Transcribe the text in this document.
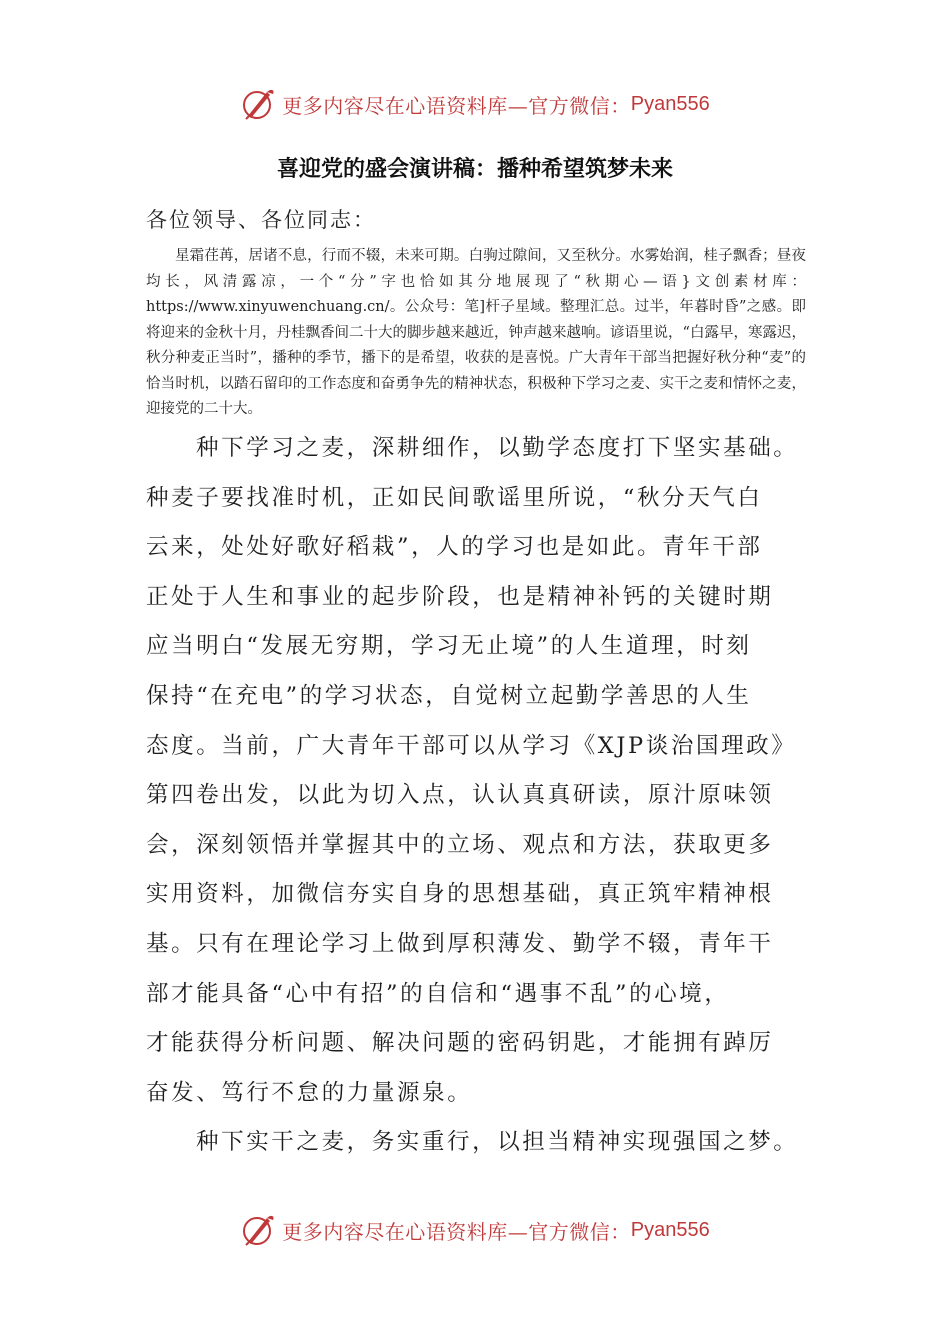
更多内容尽在心语资料库—官方微信： Pyan556
喜迎党的盛会演讲稿：播种希望筑梦未来
各位领导、各位同志：

星霜荏苒，居诸不息，行而不辍，未来可期。白驹过隙间，又至秋分。水雾始润，桂子飘香；昼夜均长，风清露凉，一个“分”字也恰如其分地展现了“秋期心—语}文创素材库：https://www.xinyuwenchuang.cn/。公众号：笔]杆子星域。整理汇总。过半，年暮时昏”之感。即将迎来的金秋十月，丹桂飘香间二十大的脚步越来越近，钟声越来越响。谚语里说，“白露早，寒露迟，秋分种麦正当时”，播种的季节，播下的是希望，收获的是喜悦。广大青年干部当把握好秋分种“麦”的恰当时机，以踏石留印的工作态度和奋勇争先的精神状态，积极种下学习之麦、实干之麦和情怀之麦，迎接党的二十大。

种下学习之麦，深耕细作，以勤学态度打下坚实基础。
种麦子要找准时机，正如民间歌谣里所说，“秋分天气白
云来，处处好歌好稻栽”，人的学习也是如此。青年干部
正处于人生和事业的起步阶段，也是精神补钙的关键时期
应当明白“发展无穷期，学习无止境”的人生道理，时刻
保持“在充电”的学习状态，自觉树立起勤学善思的人生
态度。当前，广大青年干部可以从学习《XJP谈治国理政》
第四卷出发，以此为切入点，认认真真研读，原汁原味领
会，深刻领悟并掌握其中的立场、观点和方法，获取更多
实用资料，加微信夯实自身的思想基础，真正筑牢精神根
基。只有在理论学习上做到厚积薄发、勤学不辍，青年干
部才能具备“心中有招”的自信和“遇事不乱”的心境，
才能获得分析问题、解决问题的密码钥匙，才能拥有踔厉
奋发、笃行不怠的力量源泉。
种下实干之麦，务实重行，以担当精神实现强国之梦。
更多内容尽在心语资料库—官方微信： Pyan556
